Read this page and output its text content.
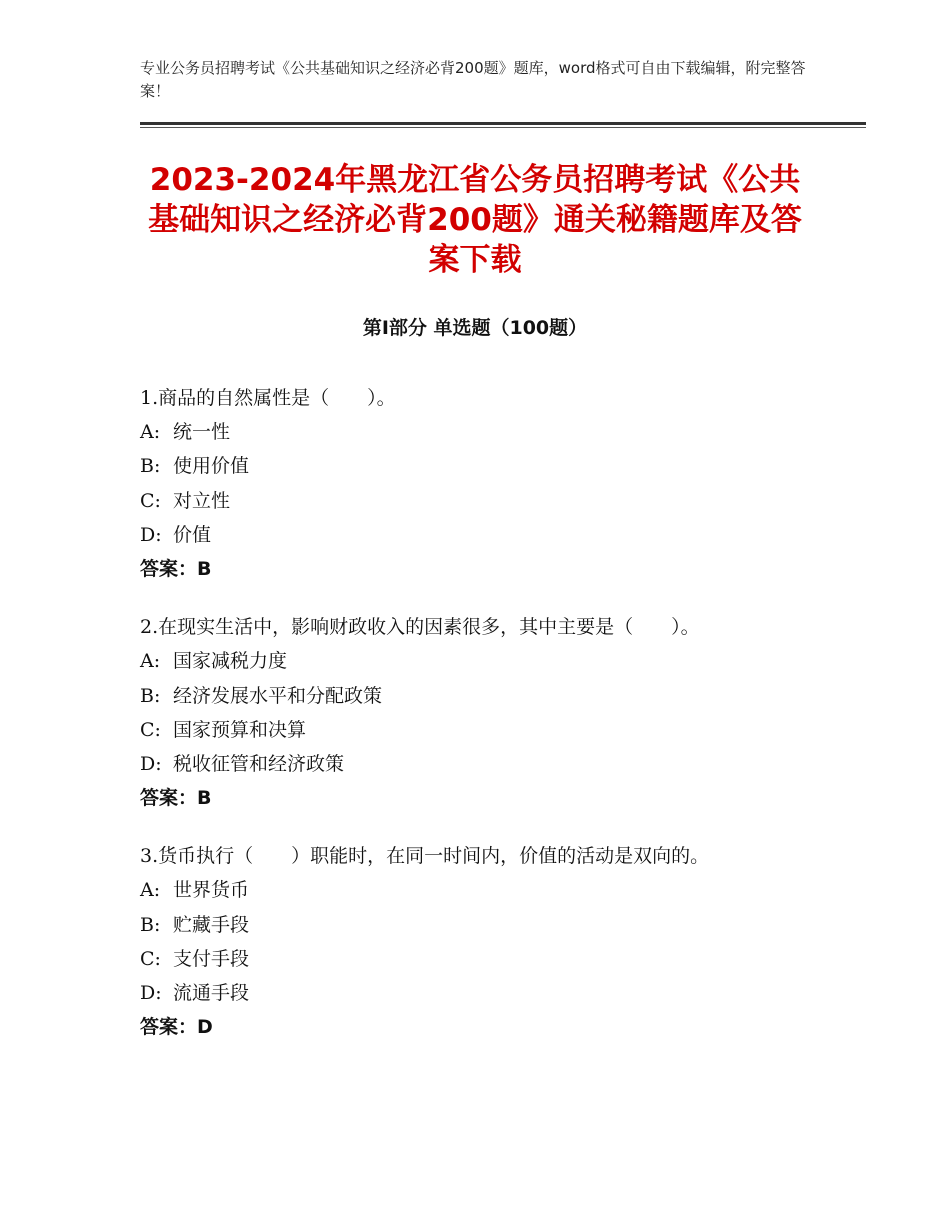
专业公务员招聘考试《公共基础知识之经济必背200题》题库，word格式可自由下载编辑，附完整答案！
2023-2024年黑龙江省公务员招聘考试《公共基础知识之经济必背200题》通关秘籍题库及答案下载
第Ⅰ部分 单选题（100题）
1.商品的自然属性是（　　）。
A: 统一性
B: 使用价值
C: 对立性
D: 价值
答案：B
2.在现实生活中，影响财政收入的因素很多，其中主要是（　　）。
A: 国家减税力度
B: 经济发展水平和分配政策
C: 国家预算和决算
D: 税收征管和经济政策
答案：B
3.货币执行（　　）职能时，在同一时间内，价值的活动是双向的。
A: 世界货币
B: 贮藏手段
C: 支付手段
D: 流通手段
答案：D
